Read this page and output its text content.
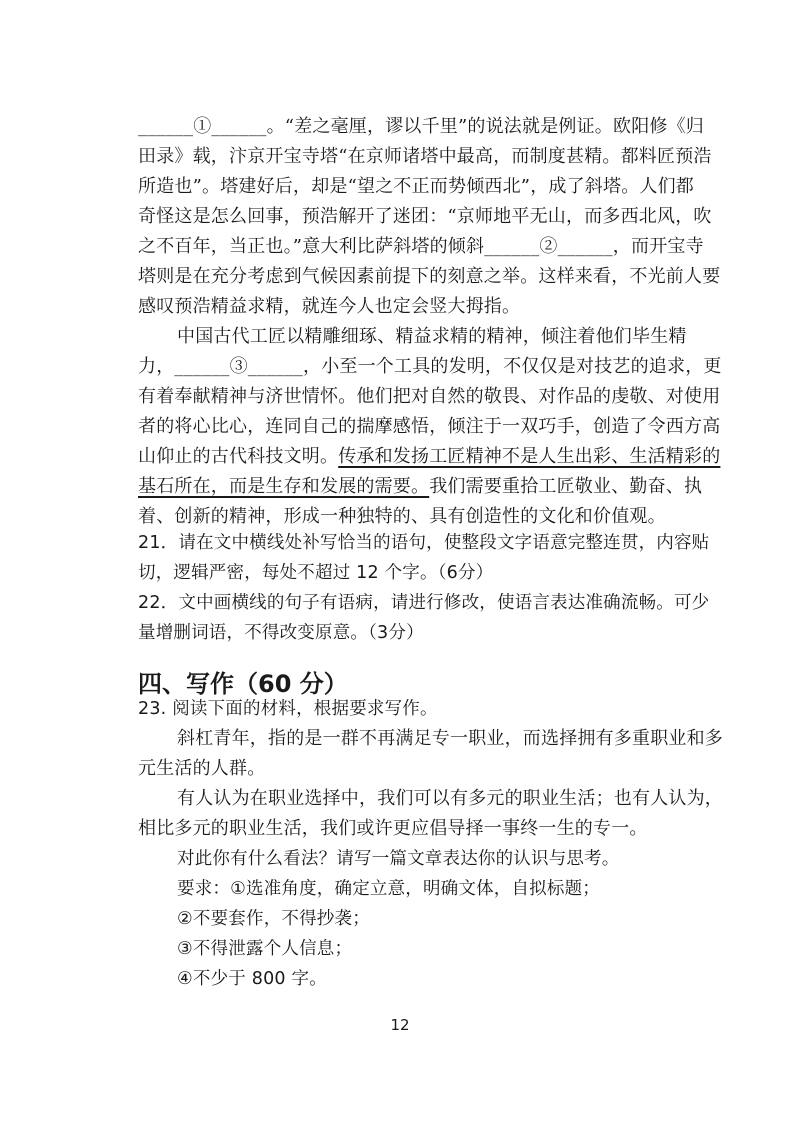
______①______。“差之毫厘，谬以千里”的说法就是例证。欧阳修《归
田录》载，汴京开宝寺塔“在京师诸塔中最高，而制度甚精。都料匠预浩
所造也”。塔建好后，却是“望之不正而势倾西北”，成了斜塔。人们都
奇怪这是怎么回事，预浩解开了迷团：“京师地平无山，而多西北风，吹
之不百年，当正也。”意大利比萨斜塔的倾斜______②______，而开宝寺
塔则是在充分考虑到气候因素前提下的刻意之举。这样来看，不光前人要
感叹预浩精益求精，就连今人也定会竖大拇指。
中国古代工匠以精雕细琢、精益求精的精神，倾注着他们毕生精
力，______③______，小至一个工具的发明，不仅仅是对技艺的追求，更
有着奉献精神与济世情怀。他们把对自然的敬畏、对作品的虔敬、对使用
者的将心比心，连同自己的揣摩感悟，倾注于一双巧手，创造了令西方高
山仰止的古代科技文明。传承和发扬工匠精神不是人生出彩、生活精彩的
基石所在，而是生存和发展的需要。我们需要重拾工匠敬业、勤奋、执
着、创新的精神，形成一种独特的、具有创造性的文化和价值观。
21．请在文中横线处补写恰当的语句，使整段文字语意完整连贯，内容贴
切，逻辑严密，每处不超过 12 个字。（6分）
22．文中画横线的句子有语病，请进行修改，使语言表达准确流畅。可少
量增删词语，不得改变原意。（3分）
四、写作（60 分）
23. 阅读下面的材料，根据要求写作。
斜杠青年，指的是一群不再满足专一职业，而选择拥有多重职业和多
元生活的人群。
有人认为在职业选择中，我们可以有多元的职业生活；也有人认为，
相比多元的职业生活，我们或许更应倡导择一事终一生的专一。
对此你有什么看法？请写一篇文章表达你的认识与思考。
要求：①选准角度，确定立意，明确文体，自拟标题；
②不要套作，不得抄袭；
③不得泄露个人信息；
④不少于 800 字。
12
